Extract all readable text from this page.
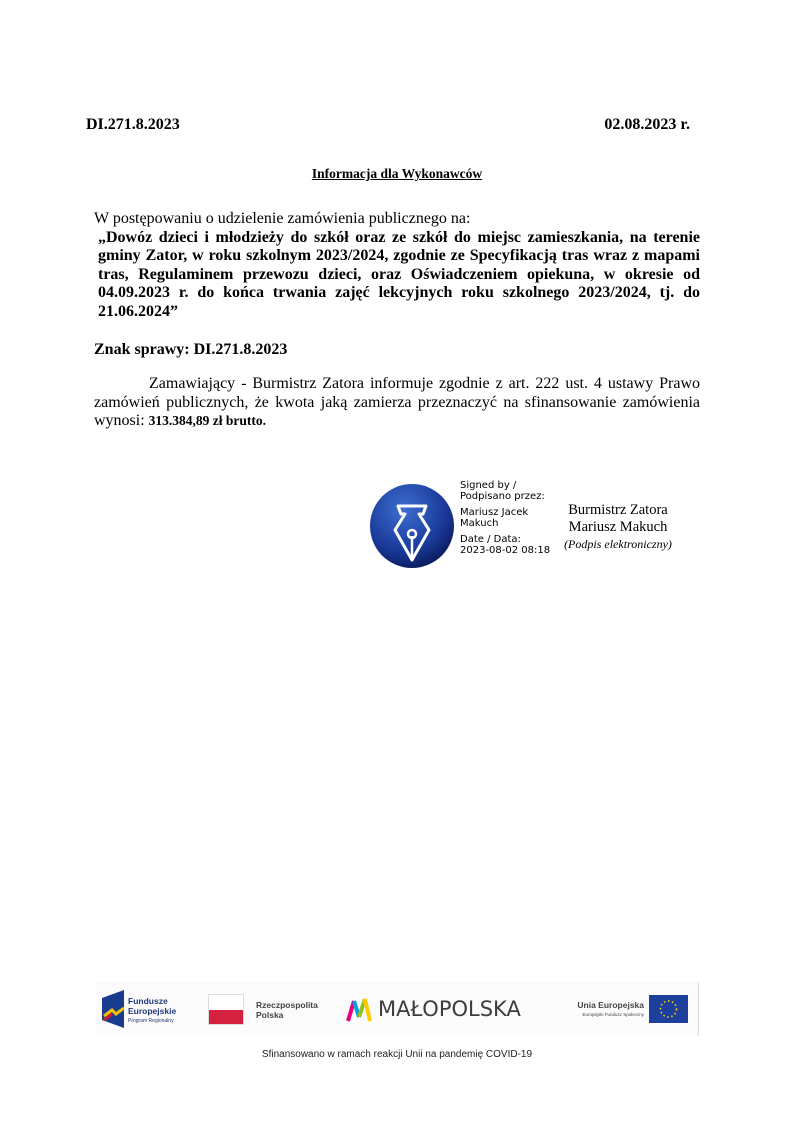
DI.271.8.2023	02.08.2023 r.
Informacja dla Wykonawców
W postępowaniu o udzielenie zamówienia publicznego na:
„Dowóz dzieci i młodzieży do szkół oraz ze szkół do miejsc zamieszkania, na terenie gminy Zator, w roku szkolnym 2023/2024, zgodnie ze Specyfikacją tras wraz z mapami tras, Regulaminem przewozu dzieci, oraz Oświadczeniem opiekuna, w okresie od 04.09.2023 r. do końca trwania zajęć lekcyjnych roku szkolnego 2023/2024, tj. do 21.06.2024”
Znak sprawy: DI.271.8.2023
Zamawiający - Burmistrz Zatora informuje zgodnie z art. 222 ust. 4 ustawy Prawo zamówień publicznych, że kwota jaką zamierza przeznaczyć na sfinansowanie zamówienia wynosi: 313.384,89 zł brutto.

Signed by /
Podpisano przez:

Mariusz Jacek
Makuch

Date / Data:
2023-08-02 08:18

Burmistrz Zatora
Mariusz Makuch
(Podpis elektroniczny)
Fundusze
Europejskie
Program Regionalny
Rzeczpospolita
Polska	MAŁOPOLSKA	Unia Europejska
Europejski Fundusz Społeczny
Sfinansowano w ramach reakcji Unii na pandemię COVID-19
